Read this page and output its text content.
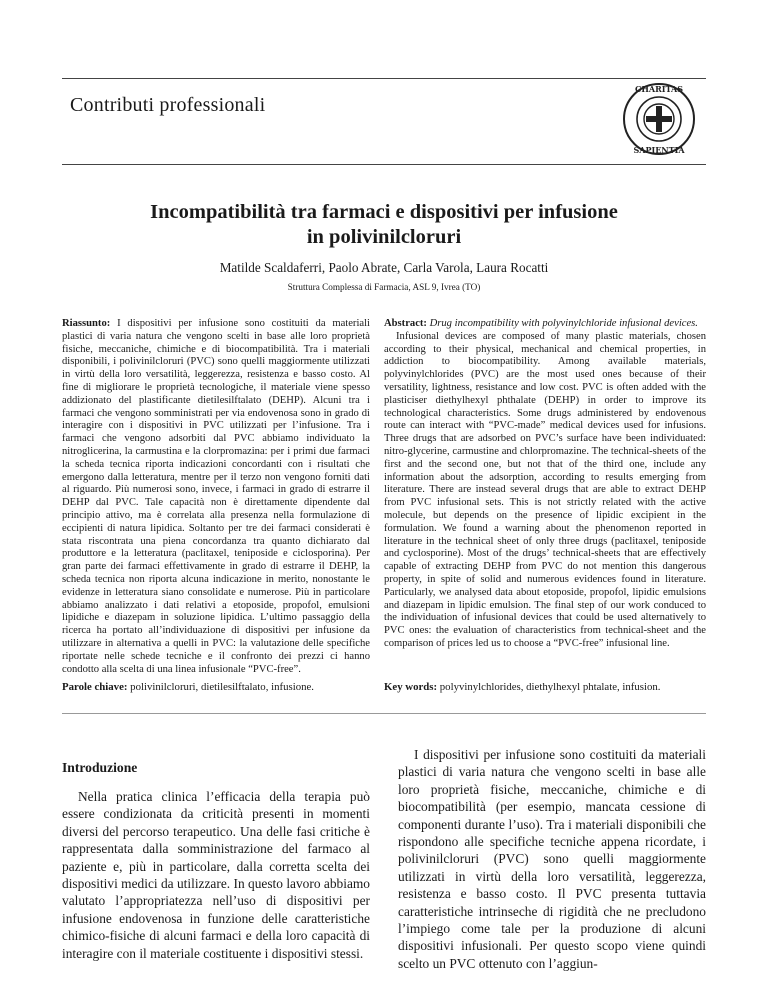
Contributi professionali
CHARITAS
SAPIENTIA
Incompatibilità tra farmaci e dispositivi per infusione
in polivinilcloruri
Matilde Scaldaferri, Paolo Abrate, Carla Varola, Laura Rocatti
Struttura Complessa di Farmacia, ASL 9, Ivrea (TO)
Riassunto: I dispositivi per infusione sono costituiti da materiali plastici di varia natura che vengono scelti in base alle loro proprietà fisiche, meccaniche, chimiche e di biocompatibilità. Tra i materiali disponibili, i polivinilcloruri (PVC) sono quelli maggiormente utilizzati in virtù della loro versatilità, leggerezza, resistenza e basso costo. Al fine di migliorare le proprietà tecnologiche, il materiale viene spesso addizionato del plastificante dietilesilftalato (DEHP). Alcuni tra i farmaci che vengono somministrati per via endovenosa sono in grado di interagire con i dispositivi in PVC utilizzati per l’infusione. Tra i farmaci che vengono adsorbiti dal PVC abbiamo individuato la nitroglicerina, la carmustina e la clorpromazina: per i primi due farmaci la scheda tecnica riporta indicazioni concordanti con i risultati che emergono dalla letteratura, mentre per il terzo non vengono forniti dati al riguardo. Più numerosi sono, invece, i farmaci in grado di estrarre il DEHP dal PVC. Tale capacità non è direttamente dipendente dal principio attivo, ma è correlata alla presenza nella formulazione di eccipienti di natura lipidica. Soltanto per tre dei farmaci considerati è stata riscontrata una piena concordanza tra quanto dichiarato dal produttore e la letteratura (paclitaxel, teniposide e ciclosporina). Per gran parte dei farmaci effettivamente in grado di estrarre il DEHP, la scheda tecnica non riporta alcuna indicazione in merito, nonostante le evidenze in letteratura siano consolidate e numerose. Più in particolare abbiamo analizzato i dati relativi a etoposide, propofol, emulsioni lipidiche e diazepam in soluzione lipidica. L’ultimo passaggio della ricerca ha portato all’individuazione di dispositivi per infusione da utilizzare in alternativa a quelli in PVC: la valutazione delle specifiche riportate nelle schede tecniche e il confronto dei prezzi ci hanno condotto alla scelta di una linea infusionale “PVC-free”.
Abstract: Drug incompatibility with polyvinylchloride infusional devices.
Infusional devices are composed of many plastic materials, chosen according to their physical, mechanical and chemical properties, in addiction to biocompatibility. Among available materials, polyvinylchlorides (PVC) are the most used ones because of their versatility, lightness, resistance and low cost. PVC is often added with the plasticiser diethylhexyl phthalate (DEHP) in order to improve its technological characteristics. Some drugs administered by endovenous route can interact with “PVC-made” medical devices used for infusions. Three drugs that are adsorbed on PVC’s surface have been individuated: nitro-glycerine, carmustine and chlorpromazine. The technical-sheets of the first and the second one, but not that of the third one, include any information about the adsorption, according to results emerging from literature. There are instead several drugs that are able to extract DEHP from PVC infusional sets. This is not strictly related with the active molecule, but depends on the presence of lipidic excipient in the formulation. We found a warning about the phenomenon reported in literature in the technical sheet of only three drugs (paclitaxel, teniposide and cyclosporine). Most of the drugs’ technical-sheets that are effectively capable of extracting DEHP from PVC do not mention this dangerous property, in spite of solid and numerous evidences found in literature. Particularly, we analysed data about etoposide, propofol, lipidic emulsions and diazepam in lipidic emulsion. The final step of our work conduced to the individuation of infusional devices that could be used alternatively to PVC ones: the evaluation of characteristics from technical-sheet and the comparison of prices led us to choose a “PVC-free” infusional line.
Parole chiave: polivinilcloruri, dietilesilftalato, infusione.	Key words: polyvinylchlorides, diethylhexyl phtalate, infusion.
Introduzione

Nella pratica clinica l’efficacia della terapia può essere condizionata da criticità presenti in momenti diversi del percorso terapeutico. Una delle fasi critiche è rappresentata dalla somministrazione del farmaco al paziente e, più in particolare, dalla corretta scelta dei dispositivi medici da utilizzare. In questo lavoro abbiamo valutato l’appropriatezza nell’uso di dispositivi per infusione endovenosa in funzione delle caratteristiche chimico-fisiche di alcuni farmaci e della loro capacità di interagire con il materiale costituente i dispositivi stessi.

I dispositivi per infusione sono costituiti da materiali plastici di varia natura che vengono scelti in base alle loro proprietà fisiche, meccaniche, chimiche e di biocompatibilità (per esempio, mancata cessione di componenti durante l’uso). Tra i materiali disponibili che rispondono alle specifiche tecniche appena ricordate, i polivinilcloruri (PVC) sono quelli maggiormente utilizzati in virtù della loro versatilità, leggerezza, resistenza e basso costo. Il PVC presenta tuttavia caratteristiche intrinseche di rigidità che ne precludono l’impiego come tale per la produzione di alcuni dispositivi infusionali. Per questo scopo viene quindi scelto un PVC ottenuto con l’aggiun-
